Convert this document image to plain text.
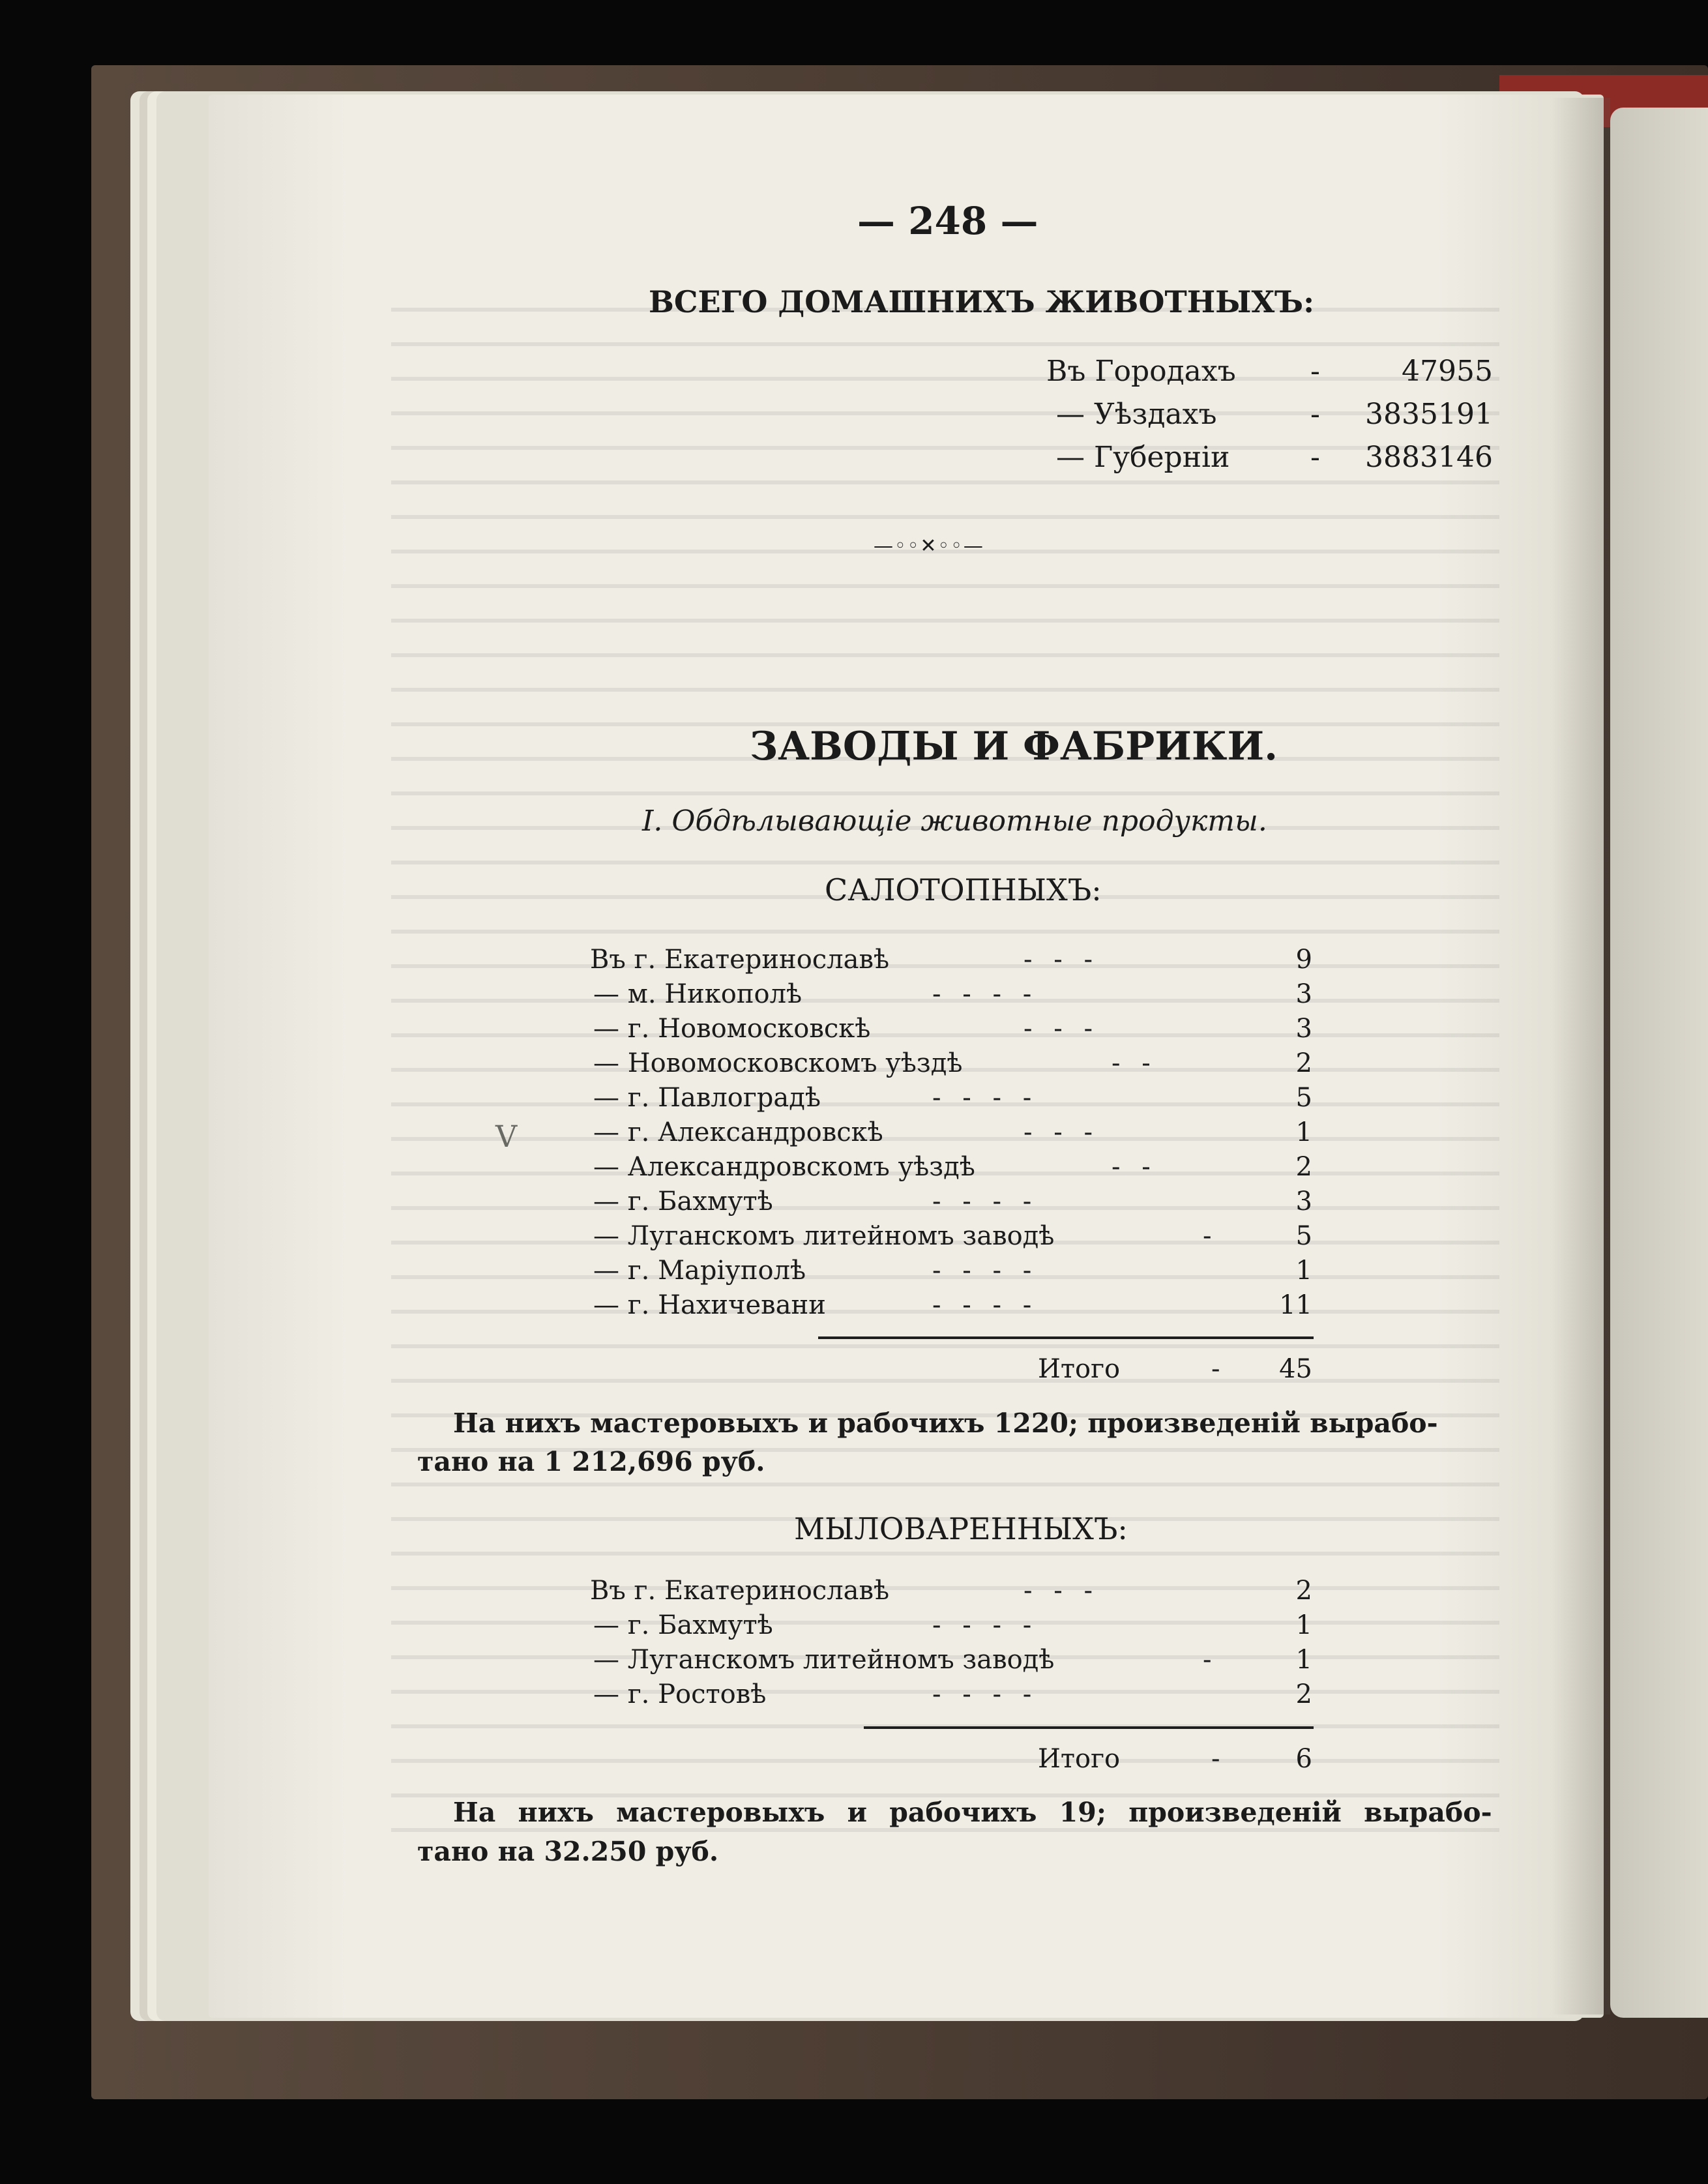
— 248 —
ВСЕГО ДОМАШНИХЪ ЖИВОТНЫХЪ:
Въ Городахъ	-	47955
— Уѣздахъ	- 3835191
— Губерніи	- 3883146
—◦◦✕◦◦—
ЗАВОДЫ И ФАБРИКИ.
I. Обдѣлывающіе животные продукты.
САЛОТОПНЫХЪ:
Въ г. Екатеринославѣ	- - -	9
— м. Никополѣ	- - - -	3
— г. Новомосковскѣ	- - -	3
— Новомосковскомъ уѣздѣ	- -	2
— г. Павлоградѣ	- - - -	5
— г. Александровскѣ	- - -	1
— Александровскомъ уѣздѣ	- -	2
— г. Бахмутѣ	- - - -	3
— Луганскомъ литейномъ заводѣ	-	5
— г. Маріуполѣ	- - - -	1
— г. Нахичевани	- - - -	11
Итого	- 45
На нихъ мастеровыхъ и рабочихъ 1220; произведеній вырабо-
тано на 1 212,696 руб.
МЫЛОВАРЕННЫХЪ:
Въ г. Екатеринославѣ	- - -	2
— г. Бахмутѣ	- - - -	1
— Луганскомъ литейномъ заводѣ	-	1
— г. Ростовѣ	- - - -	2
Итого	-	6
На нихъ мастеровыхъ и рабочихъ 19; произведеній вырабо-
тано на 32.250 руб.
V
